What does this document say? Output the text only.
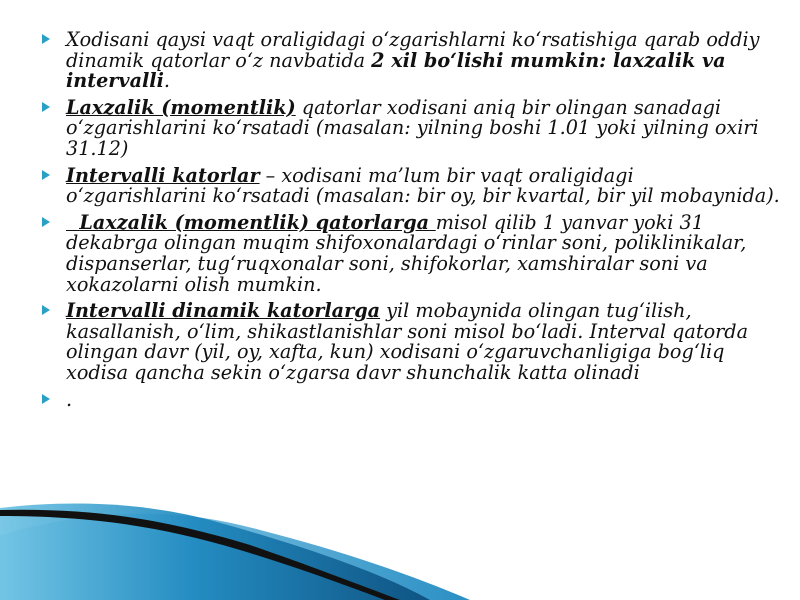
Xodisani qaysi vaqt oraligidagi o‘zgarishlarni ko‘rsatishiga qarab oddiy dinamik qatorlar o‘z navbatida 2 xil bo‘lishi mumkin: laxzalik va intervalli.
Laxzalik (momentlik) qatorlar xodisani aniq bir olingan sanadagi o‘zgarishlarini ko‘rsatadi (masalan: yilning boshi 1.01 yoki yilning oxiri 31.12)
Intervalli katorlar – xodisani ma’lum bir vaqt oraligidagi o‘zgarishlarini ko‘rsatadi (masalan: bir oy, bir kvartal, bir yil mobaynida).
Laxzalik (momentlik) qatorlarga misol qilib 1 yanvar yoki 31 dekabrga olingan muqim shifoxonalardagi o‘rinlar soni, poliklinikalar, dispanserlar, tug‘ruqxonalar soni, shifokorlar, xamshiralar soni va xokazolarni olish mumkin.
Intervalli dinamik katorlarga yil mobaynida olingan tug‘ilish, kasallanish, o‘lim, shikastlanishlar soni misol bo‘ladi. Interval qatorda olingan davr (yil, oy, xafta, kun) xodisani o‘zgaruvchanligiga bog‘liq xodisa qancha sekin o‘zgarsa davr shunchalik katta olinadi
.
